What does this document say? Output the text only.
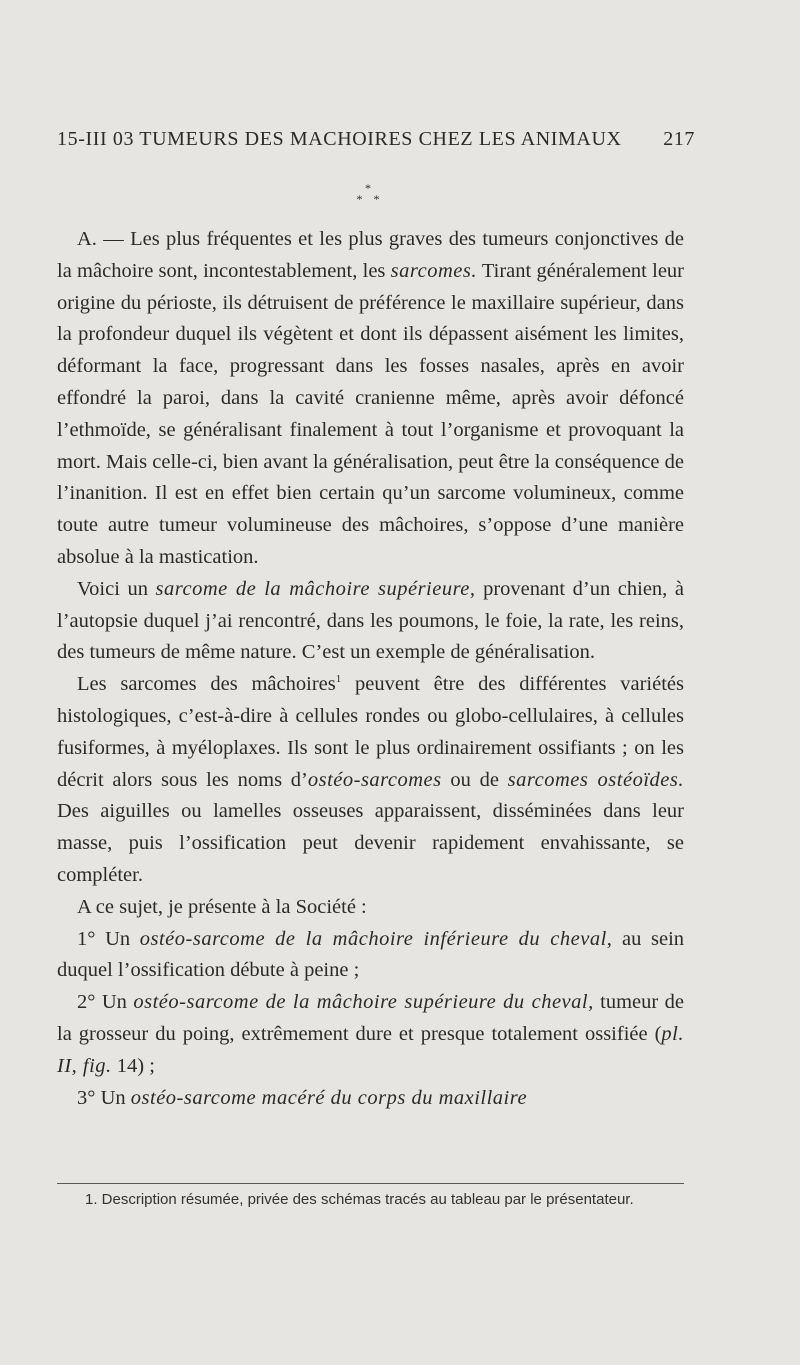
15-III 03 TUMEURS DES MACHOIRES CHEZ LES ANIMAUX 217
*
* *

A. — Les plus fréquentes et les plus graves des tumeurs conjonctives de la mâchoire sont, incontestablement, les sarcomes. Tirant généralement leur origine du périoste, ils détruisent de préférence le maxillaire supérieur, dans la profondeur duquel ils végètent et dont ils dépassent aisément les limites, déformant la face, progressant dans les fosses nasales, après en avoir effondré la paroi, dans la cavité cranienne même, après avoir défoncé l’ethmoïde, se généralisant finalement à tout l’organisme et provoquant la mort. Mais celle-ci, bien avant la généralisation, peut être la conséquence de l’inanition. Il est en effet bien certain qu’un sarcome volumineux, comme toute autre tumeur volumineuse des mâchoires, s’oppose d’une manière absolue à la mastication.

Voici un sarcome de la mâchoire supérieure, provenant d’un chien, à l’autopsie duquel j’ai rencontré, dans les poumons, le foie, la rate, les reins, des tumeurs de même nature. C’est un exemple de généralisation.

Les sarcomes des mâchoires$^1$ peuvent être des différentes variétés histologiques, c’est-à-dire à cellules rondes ou globo-cellulaires, à cellules fusiformes, à myéloplaxes. Ils sont le plus ordinairement ossifiants ; on les décrit alors sous les noms d’ostéo-sarcomes ou de sarcomes ostéoïdes. Des aiguilles ou lamelles osseuses apparaissent, disséminées dans leur masse, puis l’ossification peut devenir rapidement envahissante, se compléter.

A ce sujet, je présente à la Société :

1° Un ostéo-sarcome de la mâchoire inférieure du cheval, au sein duquel l’ossification débute à peine ;

2° Un ostéo-sarcome de la mâchoire supérieure du cheval, tumeur de la grosseur du poing, extrêmement dure et presque totalement ossifiée (pl. II, fig. 14) ;

3° Un ostéo-sarcome macéré du corps du maxillaire

1. Description résumée, privée des schémas tracés au tableau par le présentateur.
